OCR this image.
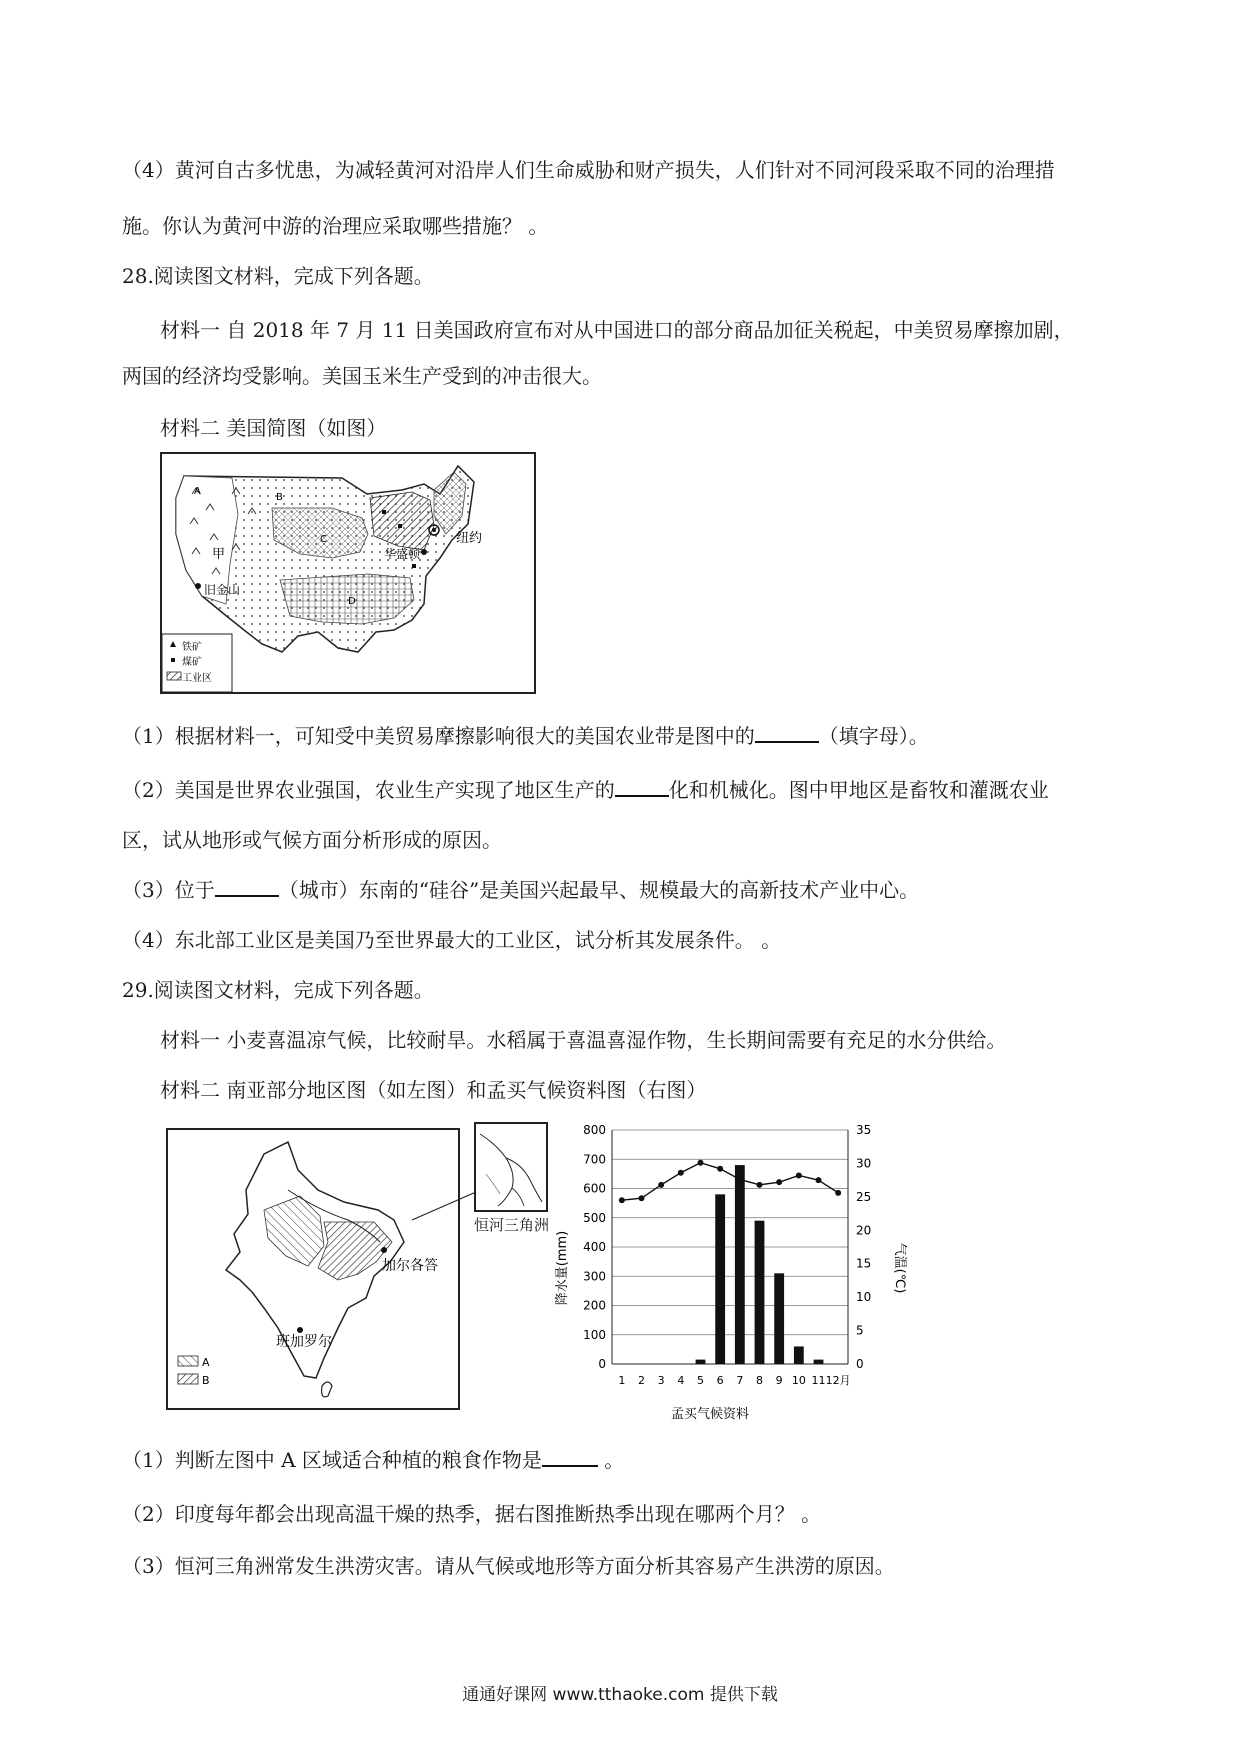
（4）黄河自古多忧患，为减轻黄河对沿岸人们生命威胁和财产损失，人们针对不同河段采取不同的治理措
施。你认为黄河中游的治理应采取哪些措施？ 。
28.阅读图文材料，完成下列各题。
材料一 自 2018 年 7 月 11 日美国政府宣布对从中国进口的部分商品加征关税起，中美贸易摩擦加剧，
两国的经济均受影响。美国玉米生产受到的冲击很大。
材料二 美国简图（如图）
A
B
C
D
甲
纽约
华盛顿
旧金山
铁矿
煤矿
工业区
（1）根据材料一，可知受中美贸易摩擦影响很大的美国农业带是图中的	（填字母）。
（2）美国是世界农业强国，农业生产实现了地区生产的	化和机械化。图中甲地区是畜牧和灌溉农业
区，试从地形或气候方面分析形成的原因。
（3）位于	（城市）东南的“硅谷”是美国兴起最早、规模最大的高新技术产业中心。
（4）东北部工业区是美国乃至世界最大的工业区，试分析其发展条件。 。
29.阅读图文材料，完成下列各题。
材料一 小麦喜温凉气候，比较耐旱。水稻属于喜温喜湿作物，生长期间需要有充足的水分供给。
材料二 南亚部分地区图（如左图）和孟买气候资料图（右图）
加尔各答
班加罗尔
A
B
恒河三角洲
0
100
200
300
400
500
600
700
800
0
5
10
15
20
25
30
35
1 2 3 4 5 6 7 8 9 10 11 12月
降水量(mm)	气温(℃)
孟买气候资料
（1）判断左图中 A 区域适合种植的粮食作物是	。
（2）印度每年都会出现高温干燥的热季，据右图推断热季出现在哪两个月？ 。
（3）恒河三角洲常发生洪涝灾害。请从气候或地形等方面分析其容易产生洪涝的原因。
通通好课网 www.tthaoke.com 提供下载
